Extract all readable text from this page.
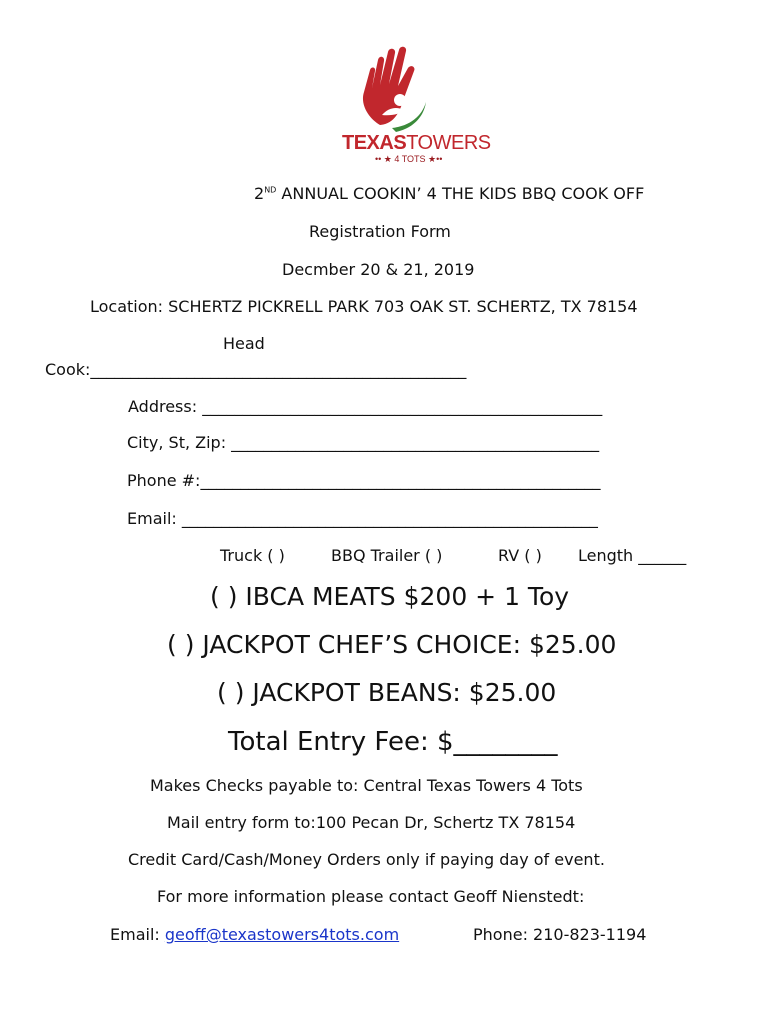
TEXASTOWERS
•• ★ 4 TOTS ★••
2ND ANNUAL COOKIN’ 4 THE KIDS BBQ COOK OFF
Registration Form
Decmber 20 & 21, 2019
Location: SCHERTZ PICKRELL PARK 703 OAK ST. SCHERTZ, TX 78154
Head
Cook:_______________________________________________
Address: __________________________________________________
City, St, Zip: ______________________________________________
Phone #:__________________________________________________
Email: ____________________________________________________
Truck ( )	BBQ Trailer ( )	RV ( ) Length ______
( ) IBCA MEATS $200 + 1 Toy
( ) JACKPOT CHEF’S CHOICE: $25.00
( ) JACKPOT BEANS: $25.00
Total Entry Fee: $________
Makes Checks payable to: Central Texas Towers 4 Tots
Mail entry form to:100 Pecan Dr, Schertz TX 78154
Credit Card/Cash/Money Orders only if paying day of event.
For more information please contact Geoff Nienstedt:
Email: geoff@texastowers4tots.com	Phone: 210-823-1194
